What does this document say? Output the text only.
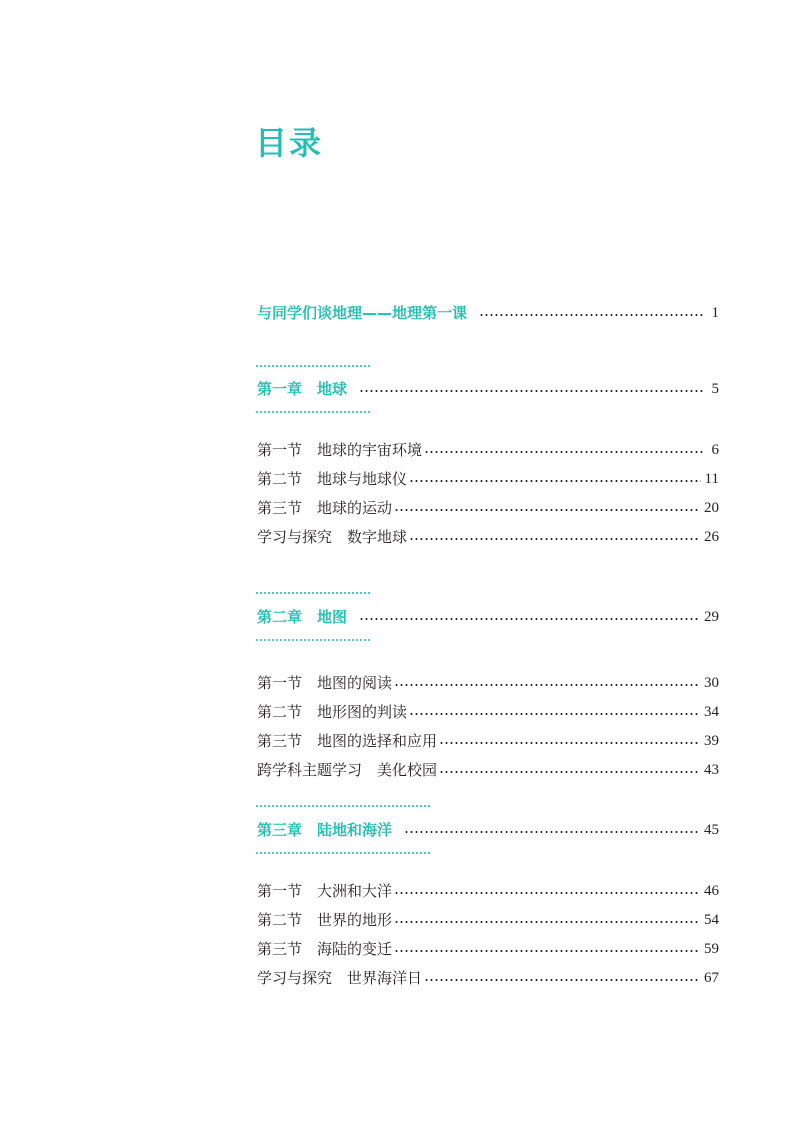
目录
与同学们谈地理——地理第一课	1
第一章　地球	5
第一节　地球的宇宙环境	6
第二节　地球与地球仪	11
第三节　地球的运动	20
学习与探究　数字地球	26
第二章　地图	29
第一节　地图的阅读	30
第二节　地形图的判读	34
第三节　地图的选择和应用	39
跨学科主题学习　美化校园	43
第三章　陆地和海洋	45
第一节　大洲和大洋	46
第二节　世界的地形	54
第三节　海陆的变迁	59
学习与探究　世界海洋日	67
